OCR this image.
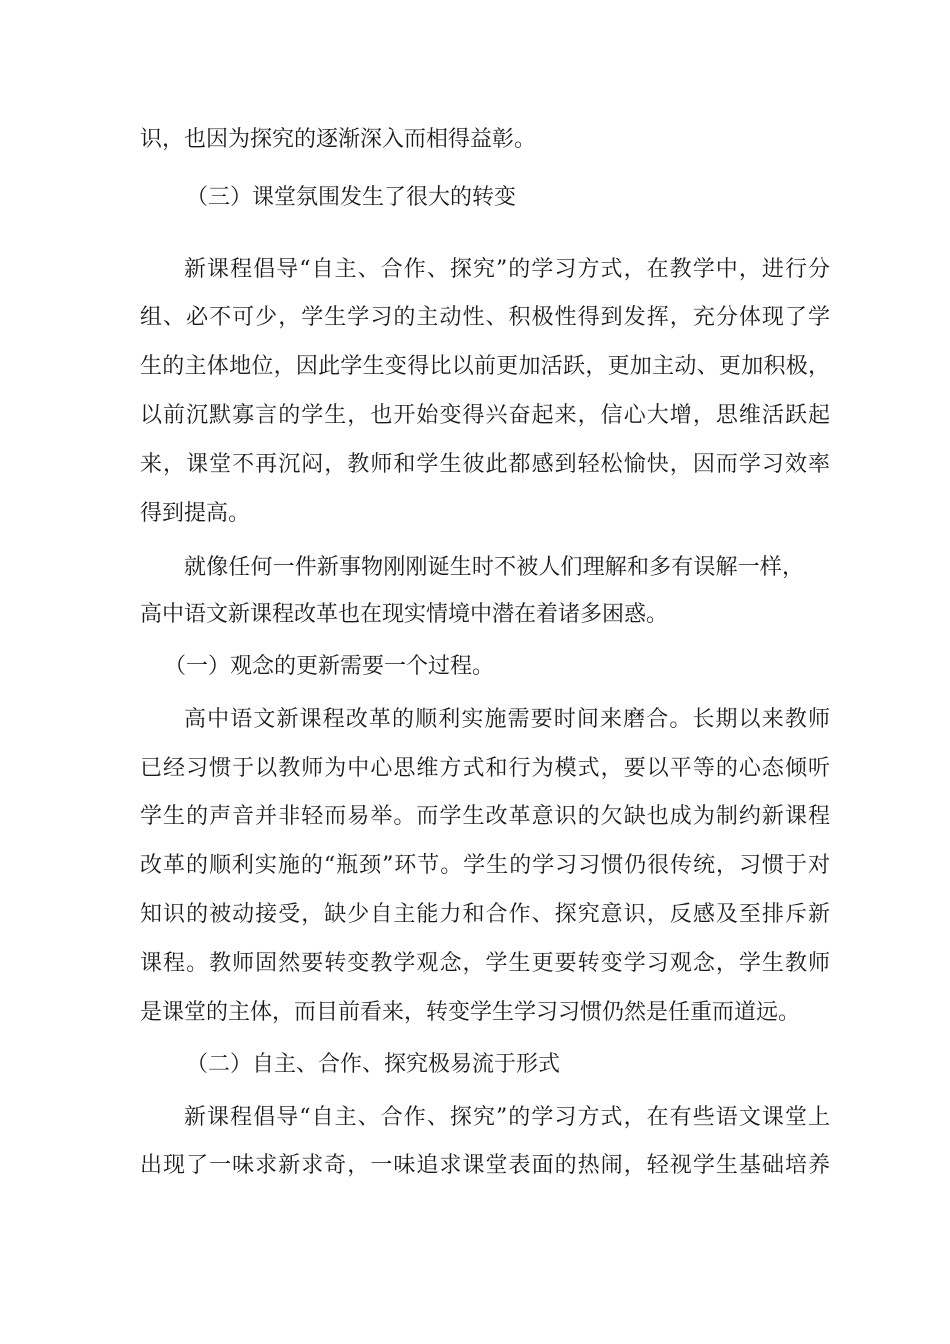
识，也因为探究的逐渐深入而相得益彰。
（三）课堂氛围发生了很大的转变
新课程倡导“自主、合作、探究”的学习方式，在教学中，进行分
组、必不可少，学生学习的主动性、积极性得到发挥，充分体现了学
生的主体地位，因此学生变得比以前更加活跃，更加主动、更加积极，
以前沉默寡言的学生，也开始变得兴奋起来，信心大增，思维活跃起
来，课堂不再沉闷，教师和学生彼此都感到轻松愉快，因而学习效率
得到提高。
就像任何一件新事物刚刚诞生时不被人们理解和多有误解一样，
高中语文新课程改革也在现实情境中潜在着诸多困惑。
（一）观念的更新需要一个过程。
高中语文新课程改革的顺利实施需要时间来磨合。长期以来教师
已经习惯于以教师为中心思维方式和行为模式，要以平等的心态倾听
学生的声音并非轻而易举。而学生改革意识的欠缺也成为制约新课程
改革的顺利实施的“瓶颈”环节。学生的学习习惯仍很传统，习惯于对
知识的被动接受，缺少自主能力和合作、探究意识，反感及至排斥新
课程。教师固然要转变教学观念，学生更要转变学习观念，学生教师
是课堂的主体，而目前看来，转变学生学习习惯仍然是任重而道远。
（二）自主、合作、探究极易流于形式
新课程倡导“自主、合作、探究”的学习方式，在有些语文课堂上
出现了一味求新求奇，一味追求课堂表面的热闹，轻视学生基础培养
